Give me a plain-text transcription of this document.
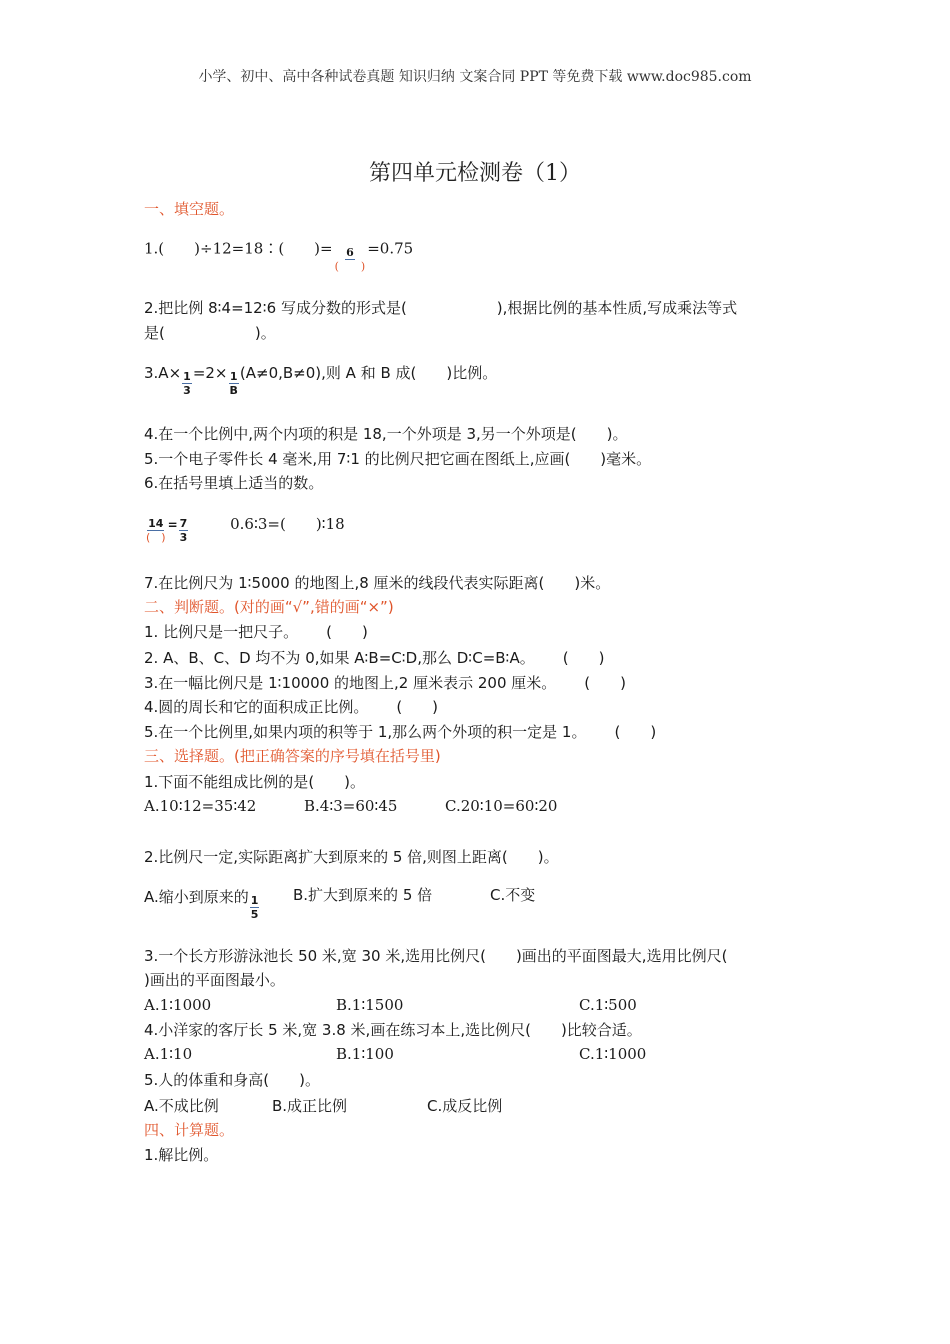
小学、初中、高中各种试卷真题 知识归纳 文案合同 PPT 等免费下载 www.doc985.com
第四单元检测卷（1）
一、填空题。
1.(　　)÷12=18∶(　　)= $\frac{6}{( )} =0.75$
2.把比例 8∶4=12∶6 写成分数的形式是(　　　　　　),根据比例的基本性质,写成乘法等式
是(　　　　　　)。
$3.A\times \frac{1}{3} =2\times \frac{1}{B} (A\ne 0,B\ne 0)$,则 A 和 B 成(　　)比例。
4.在一个比例中,两个内项的积是 18,一个外项是 3,另一个外项是(　　)。
5.一个电子零件长 4 毫米,用 7∶1 的比例尺把它画在图纸上,应画(　　)毫米。
6.在括号里填上适当的数。
$\frac{14}{( )} = \frac{7}{3}$	0.6∶3=(　　)∶18
7.在比例尺为 1∶5000 的地图上,8 厘米的线段代表实际距离(　　)米。
二、判断题。(对的画“√”,错的画“×”)
1. 比例尺是一把尺子。 (　　)
2. A、B、C、D 均不为 0,如果 A∶B=C∶D,那么 D∶C=B∶A。 (　　)
3.在一幅比例尺是 1∶10000 的地图上,2 厘米表示 200 厘米。 (　　)
4.圆的周长和它的面积成正比例。 (　　)
5.在一个比例里,如果内项的积等于 1,那么两个外项的积一定是 1。 (　　)
三、选择题。(把正确答案的序号填在括号里)
1.下面不能组成比例的是(　　)。
A.10∶12=35∶42	B.4∶3=60∶45	C.20∶10=60∶20
2.比例尺一定,实际距离扩大到原来的 5 倍,则图上距离(　　)。
A.缩小到原来的 $\frac{1}{5} B$.扩大到原来的 5 倍	C.不变
3.一个长方形游泳池长 50 米,宽 30 米,选用比例尺(　　)画出的平面图最大,选用比例尺(
)画出的平面图最小。
A.1∶1000	B.1∶1500	C.1∶500
4.小洋家的客厅长 5 米,宽 3.8 米,画在练习本上,选比例尺(　　)比较合适。
A.1∶10	B.1∶100	C.1∶1000
5.人的体重和身高(　　)。
A.不成比例	B.成正比例	C.成反比例
四、计算题。
1.解比例。
